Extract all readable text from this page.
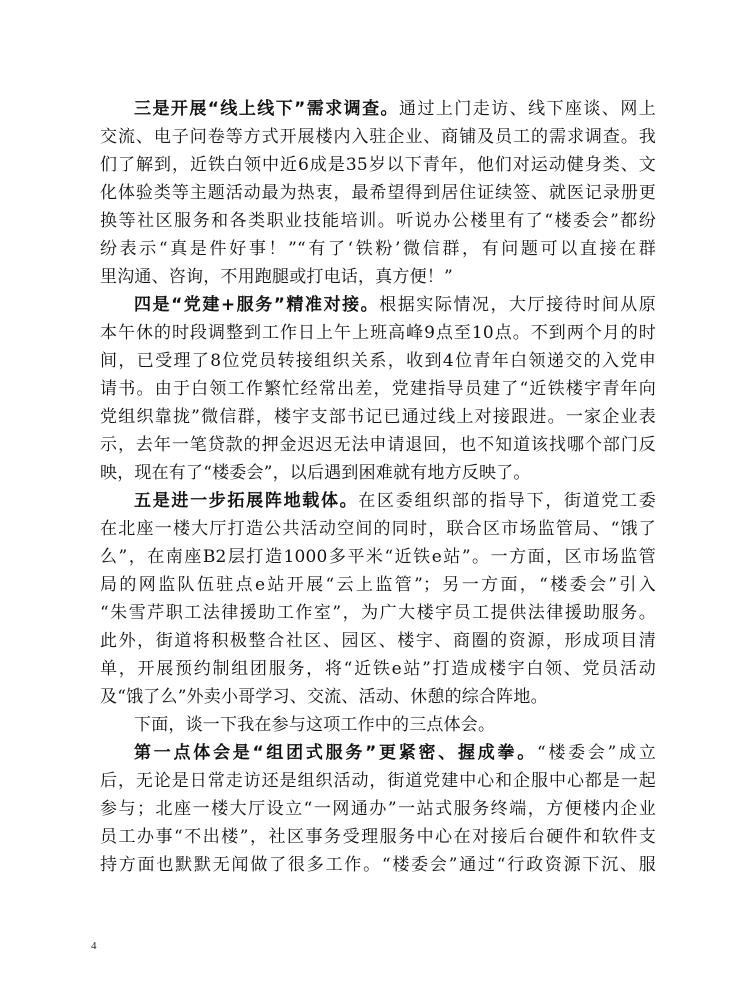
三是开展“线上线下”需求调查。通过上门走访、线下座谈、网上
交流、电子问卷等方式开展楼内入驻企业、商铺及员工的需求调查。我
们了解到，近铁白领中近6成是35岁以下青年，他们对运动健身类、文
化体验类等主题活动最为热衷，最希望得到居住证续签、就医记录册更
换等社区服务和各类职业技能培训。听说办公楼里有了“楼委会”都纷
纷表示“真是件好事！”“有了‘铁粉’微信群，有问题可以直接在群
里沟通、咨询，不用跑腿或打电话，真方便！”
四是“党建+服务”精准对接。根据实际情况，大厅接待时间从原
本午休的时段调整到工作日上午上班高峰9点至10点。不到两个月的时
间，已受理了8位党员转接组织关系，收到4位青年白领递交的入党申
请书。由于白领工作繁忙经常出差，党建指导员建了“近铁楼宇青年向
党组织靠拢”微信群，楼宇支部书记已通过线上对接跟进。一家企业表
示，去年一笔贷款的押金迟迟无法申请退回，也不知道该找哪个部门反
映，现在有了“楼委会”，以后遇到困难就有地方反映了。
五是进一步拓展阵地载体。在区委组织部的指导下，街道党工委
在北座一楼大厅打造公共活动空间的同时，联合区市场监管局、“饿了
么”，在南座B2层打造1000多平米“近铁e站”。一方面，区市场监管
局的网监队伍驻点e站开展“云上监管”；另一方面，“楼委会”引入
“朱雪芹职工法律援助工作室”，为广大楼宇员工提供法律援助服务。
此外，街道将积极整合社区、园区、楼宇、商圈的资源，形成项目清
单，开展预约制组团服务，将“近铁e站”打造成楼宇白领、党员活动
及“饿了么”外卖小哥学习、交流、活动、休憩的综合阵地。
下面，谈一下我在参与这项工作中的三点体会。
第一点体会是“组团式服务”更紧密、握成拳。“楼委会”成立
后，无论是日常走访还是组织活动，街道党建中心和企服中心都是一起
参与；北座一楼大厅设立“一网通办”一站式服务终端，方便楼内企业
员工办事“不出楼”，社区事务受理服务中心在对接后台硬件和软件支
持方面也默默无闻做了很多工作。“楼委会”通过“行政资源下沉、服
4
